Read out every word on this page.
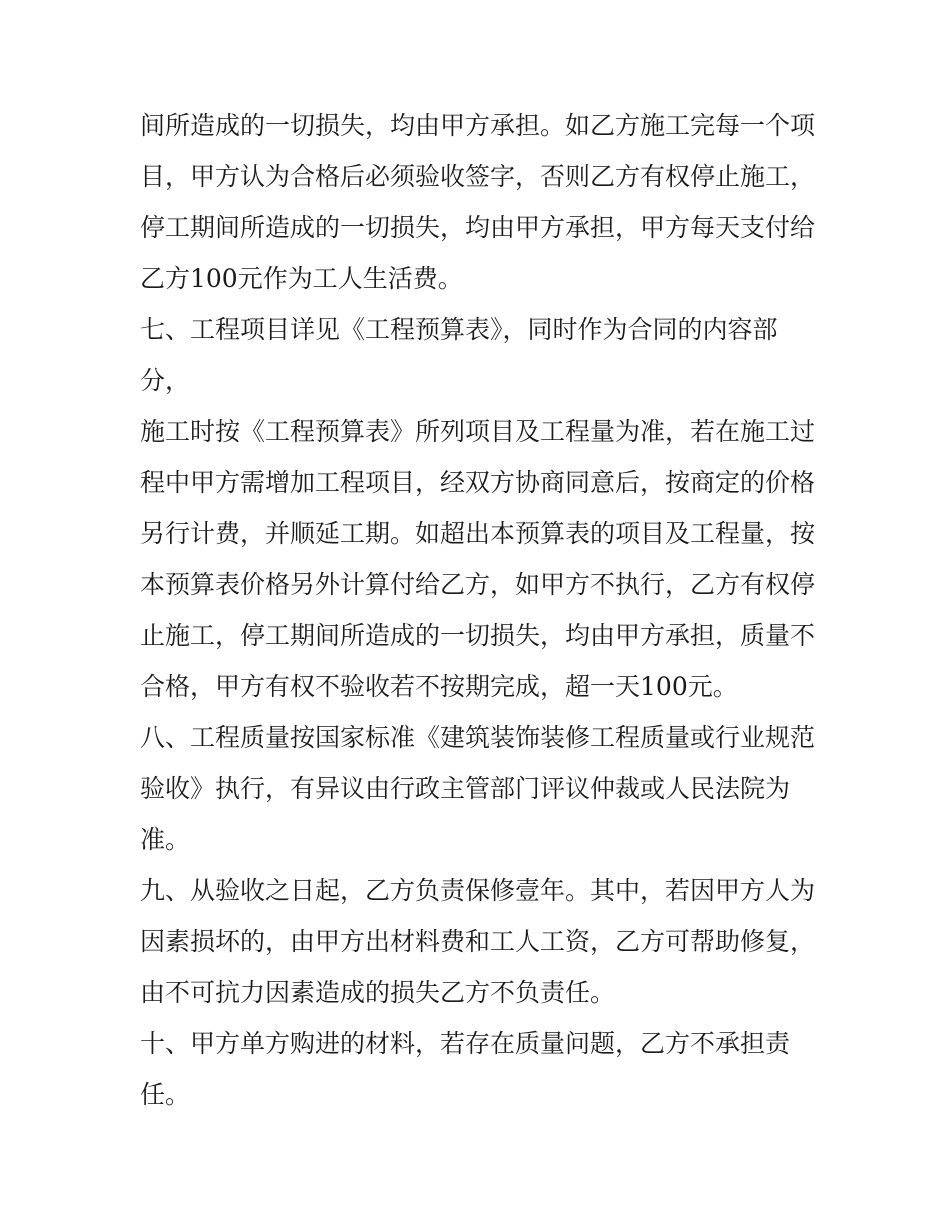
间所造成的一切损失，均由甲方承担。如乙方施工完每一个项
目，甲方认为合格后必须验收签字，否则乙方有权停止施工，
停工期间所造成的一切损失，均由甲方承担，甲方每天支付给
乙方100元作为工人生活费。
七、工程项目详见《工程预算表》，同时作为合同的内容部
分，
施工时按《工程预算表》所列项目及工程量为准，若在施工过
程中甲方需增加工程项目，经双方协商同意后，按商定的价格
另行计费，并顺延工期。如超出本预算表的项目及工程量，按
本预算表价格另外计算付给乙方，如甲方不执行，乙方有权停
止施工，停工期间所造成的一切损失，均由甲方承担，质量不
合格，甲方有权不验收若不按期完成，超一天100元。
八、工程质量按国家标准《建筑装饰装修工程质量或行业规范
验收》执行，有异议由行政主管部门评议仲裁或人民法院为
准。
九、从验收之日起，乙方负责保修壹年。其中，若因甲方人为
因素损坏的，由甲方出材料费和工人工资，乙方可帮助修复，
由不可抗力因素造成的损失乙方不负责任。
十、甲方单方购进的材料，若存在质量问题，乙方不承担责
任。
